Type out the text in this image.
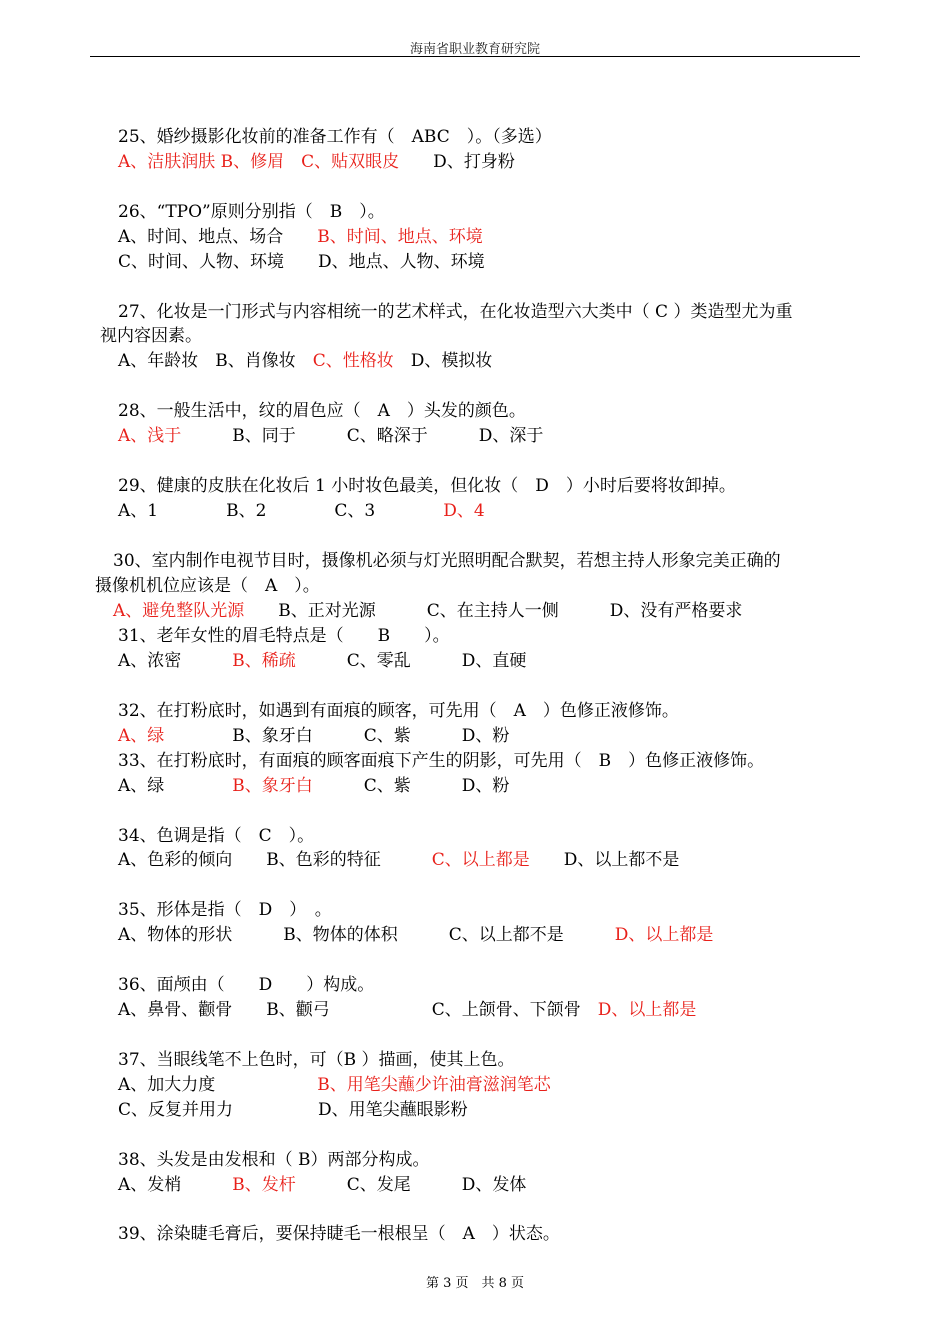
海南省职业教育研究院
25、婚纱摄影化妆前的准备工作有（　ABC　）。（多选）
A、洁肤润肤 B、修眉　C、贴双眼皮　　D、打身粉
26、“TPO”原则分别指（　B　）。
A、时间、地点、场合　　B、时间、地点、环境
C、时间、人物、环境　　D、地点、人物、环境
27、化妆是一门形式与内容相统一的艺术样式，在化妆造型六大类中（ C ）类造型尤为重
视内容因素。
A、年龄妆　B、肖像妆　C、性格妆　D、模拟妆
28、一般生活中，纹的眉色应（　A　）头发的颜色。
A、浅于　　　B、同于　　　C、略深于　　　D、深于
29、健康的皮肤在化妆后 1 小时妆色最美，但化妆（　D　）小时后要将妆卸掉。
A、1　　　　B、2　　　　C、3　　　　D、4
30、室内制作电视节目时，摄像机必须与灯光照明配合默契，若想主持人形象完美正确的
摄像机机位应该是（　A　）。
A、避免整队光源　　B、正对光源　　　C、在主持人一侧　　　D、没有严格要求
31、老年女性的眉毛特点是（　　B　　）。
A、浓密　　　B、稀疏　　　C、零乱　　　D、直硬
32、在打粉底时，如遇到有面痕的顾客，可先用（　A　）色修正液修饰。
A、绿　　　　B、象牙白　　　C、紫　　　D、粉
33、在打粉底时，有面痕的顾客面痕下产生的阴影，可先用（　B　）色修正液修饰。
A、绿　　　　B、象牙白　　　C、紫　　　D、粉
34、色调是指（　C　）。
A、色彩的倾向　　B、色彩的特征　　　C、以上都是　　D、以上都不是
35、形体是指（　D　）　。
A、物体的形状　　　B、物体的体积　　　C、以上都不是　　　D、以上都是
36、面颅由（　　D　　）构成。
A、鼻骨、颧骨　　B、颧弓　　　　　　C、上颌骨、下颌骨　D、以上都是
37、当眼线笔不上色时，可（B ）描画，使其上色。
A、加大力度　　　　　　B、用笔尖蘸少许油膏滋润笔芯
C、反复并用力　　　　　D、用笔尖蘸眼影粉
38、头发是由发根和（ B）两部分构成。
A、发梢　　　B、发杆　　　C、发尾　　　D、发体
39、涂染睫毛膏后，要保持睫毛一根根呈（　A　）状态。
第 3 页　共 8 页
